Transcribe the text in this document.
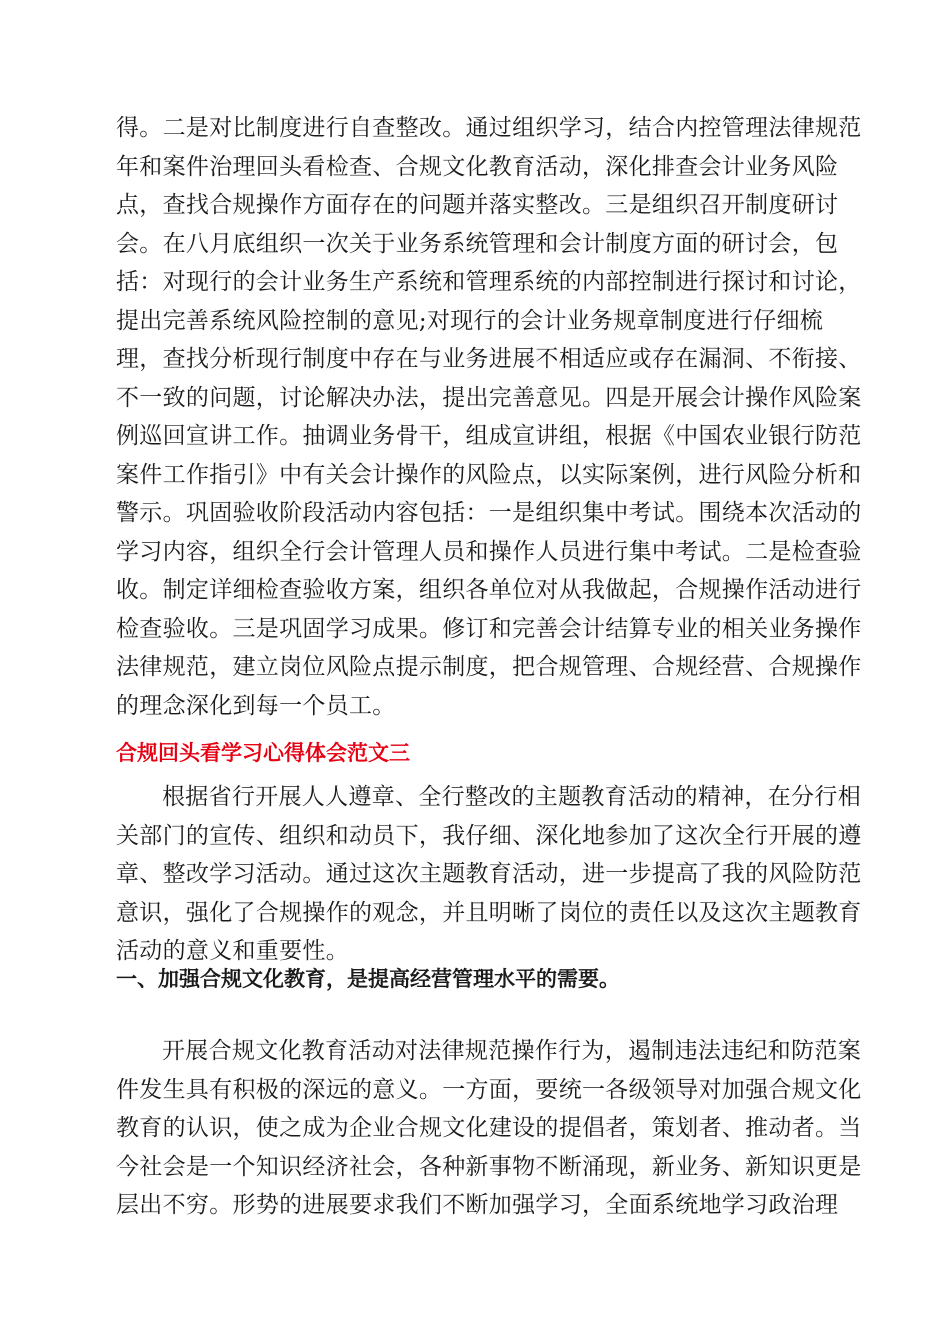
得。二是对比制度进行自查整改。通过组织学习，结合内控管理法律规范
年和案件治理回头看检查、合规文化教育活动，深化排查会计业务风险
点，查找合规操作方面存在的问题并落实整改。三是组织召开制度研讨
会。在八月底组织一次关于业务系统管理和会计制度方面的研讨会，包
括：对现行的会计业务生产系统和管理系统的内部控制进行探讨和讨论，
提出完善系统风险控制的意见;对现行的会计业务规章制度进行仔细梳
理，查找分析现行制度中存在与业务进展不相适应或存在漏洞、不衔接、
不一致的问题，讨论解决办法，提出完善意见。四是开展会计操作风险案
例巡回宣讲工作。抽调业务骨干，组成宣讲组，根据《中国农业银行防范
案件工作指引》中有关会计操作的风险点，以实际案例，进行风险分析和
警示。巩固验收阶段活动内容包括：一是组织集中考试。围绕本次活动的
学习内容，组织全行会计管理人员和操作人员进行集中考试。二是检查验
收。制定详细检查验收方案，组织各单位对从我做起，合规操作活动进行
检查验收。三是巩固学习成果。修订和完善会计结算专业的相关业务操作
法律规范，建立岗位风险点提示制度，把合规管理、合规经营、合规操作
的理念深化到每一个员工。
合规回头看学习心得体会范文三
根据省行开展人人遵章、全行整改的主题教育活动的精神，在分行相
关部门的宣传、组织和动员下，我仔细、深化地参加了这次全行开展的遵
章、整改学习活动。通过这次主题教育活动，进一步提高了我的风险防范
意识，强化了合规操作的观念，并且明晰了岗位的责任以及这次主题教育
活动的意义和重要性。
一、加强合规文化教育，是提高经营管理水平的需要。
开展合规文化教育活动对法律规范操作行为，遏制违法违纪和防范案
件发生具有积极的深远的意义。一方面，要统一各级领导对加强合规文化
教育的认识，使之成为企业合规文化建设的提倡者，策划者、推动者。当
今社会是一个知识经济社会，各种新事物不断涌现，新业务、新知识更是
层出不穷。形势的进展要求我们不断加强学习，全面系统地学习政治理
